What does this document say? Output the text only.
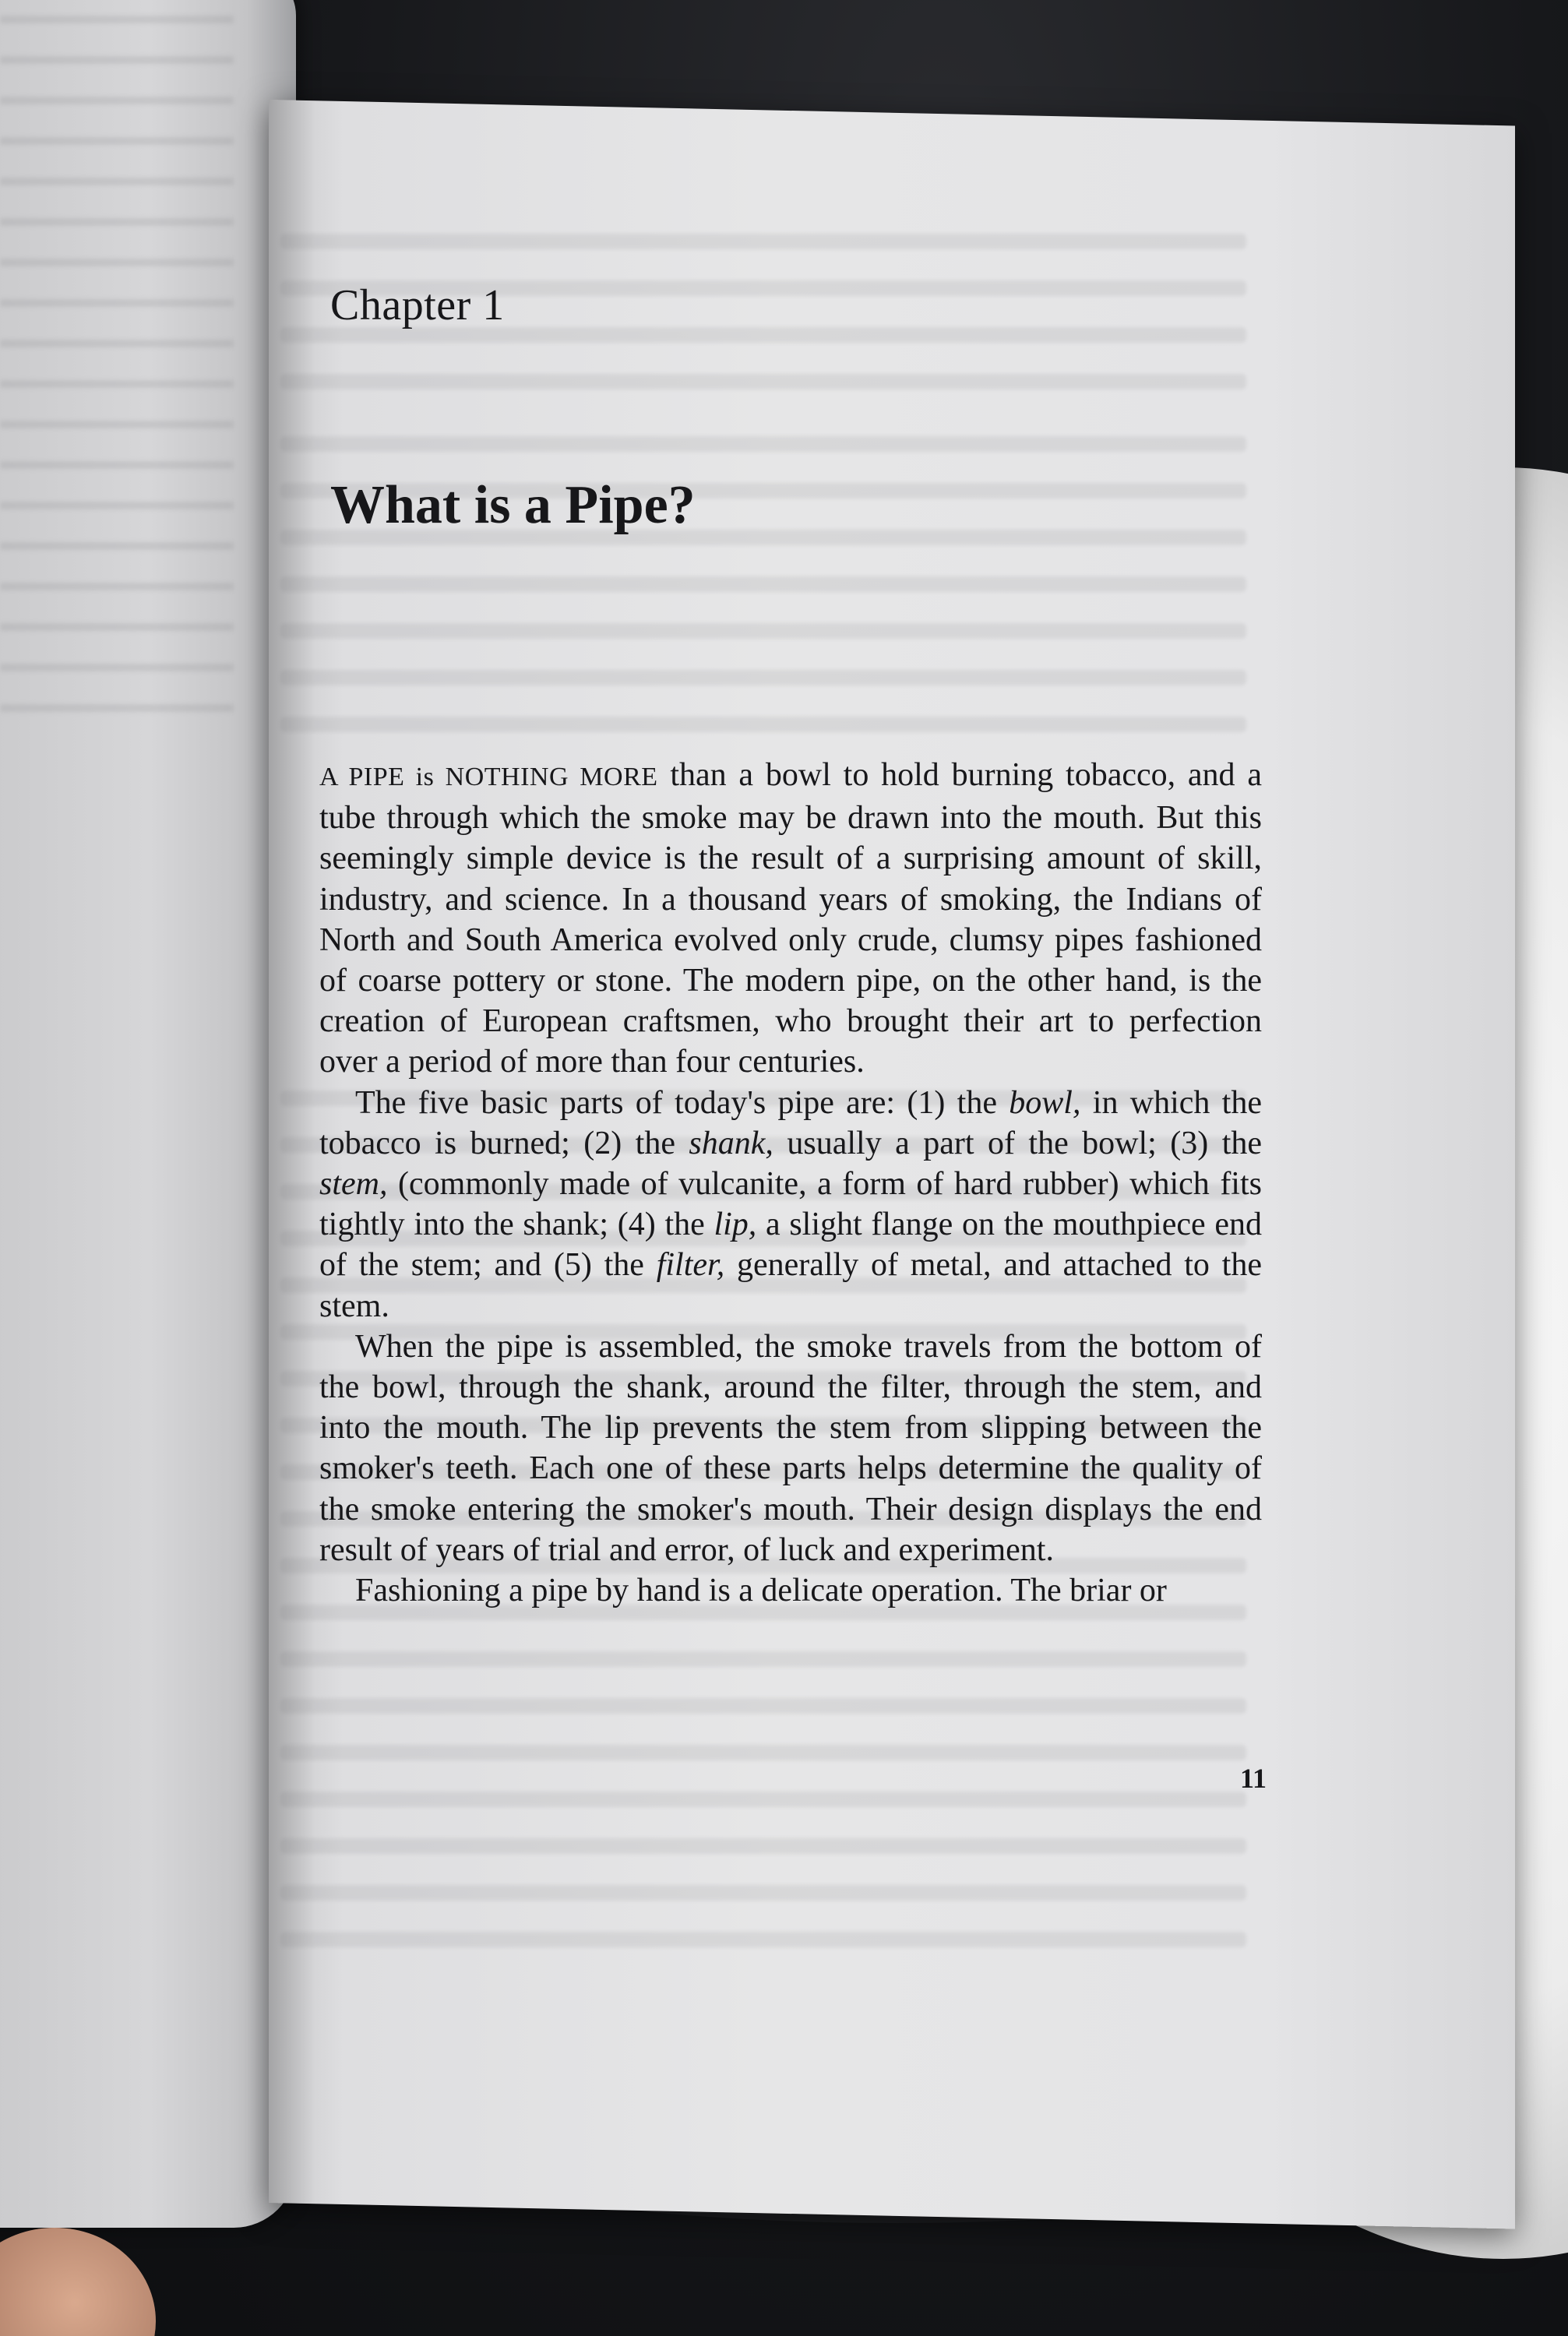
Chapter 1
What is a Pipe?

A PIPE is NOTHING MORE than a bowl to hold burning tobacco, and a tube through which the smoke may be drawn into the mouth. But this seemingly simple device is the result of a surprising amount of skill, industry, and science. In a thousand years of smoking, the Indians of North and South America evolved only crude, clumsy pipes fashioned of coarse pottery or stone. The modern pipe, on the other hand, is the creation of European craftsmen, who brought their art to perfection over a period of more than four centuries.

The five basic parts of today's pipe are: (1) the bowl, in which the tobacco is burned; (2) the shank, usually a part of the bowl; (3) the stem, (commonly made of vulcanite, a form of hard rubber) which fits tightly into the shank; (4) the lip, a slight flange on the mouthpiece end of the stem; and (5) the filter, generally of metal, and attached to the stem.

When the pipe is assembled, the smoke travels from the bottom of the bowl, through the shank, around the filter, through the stem, and into the mouth. The lip prevents the stem from slipping between the smoker's teeth. Each one of these parts helps determine the quality of the smoke entering the smoker's mouth. Their design displays the end result of years of trial and error, of luck and experiment.

Fashioning a pipe by hand is a delicate operation. The briar or

11
